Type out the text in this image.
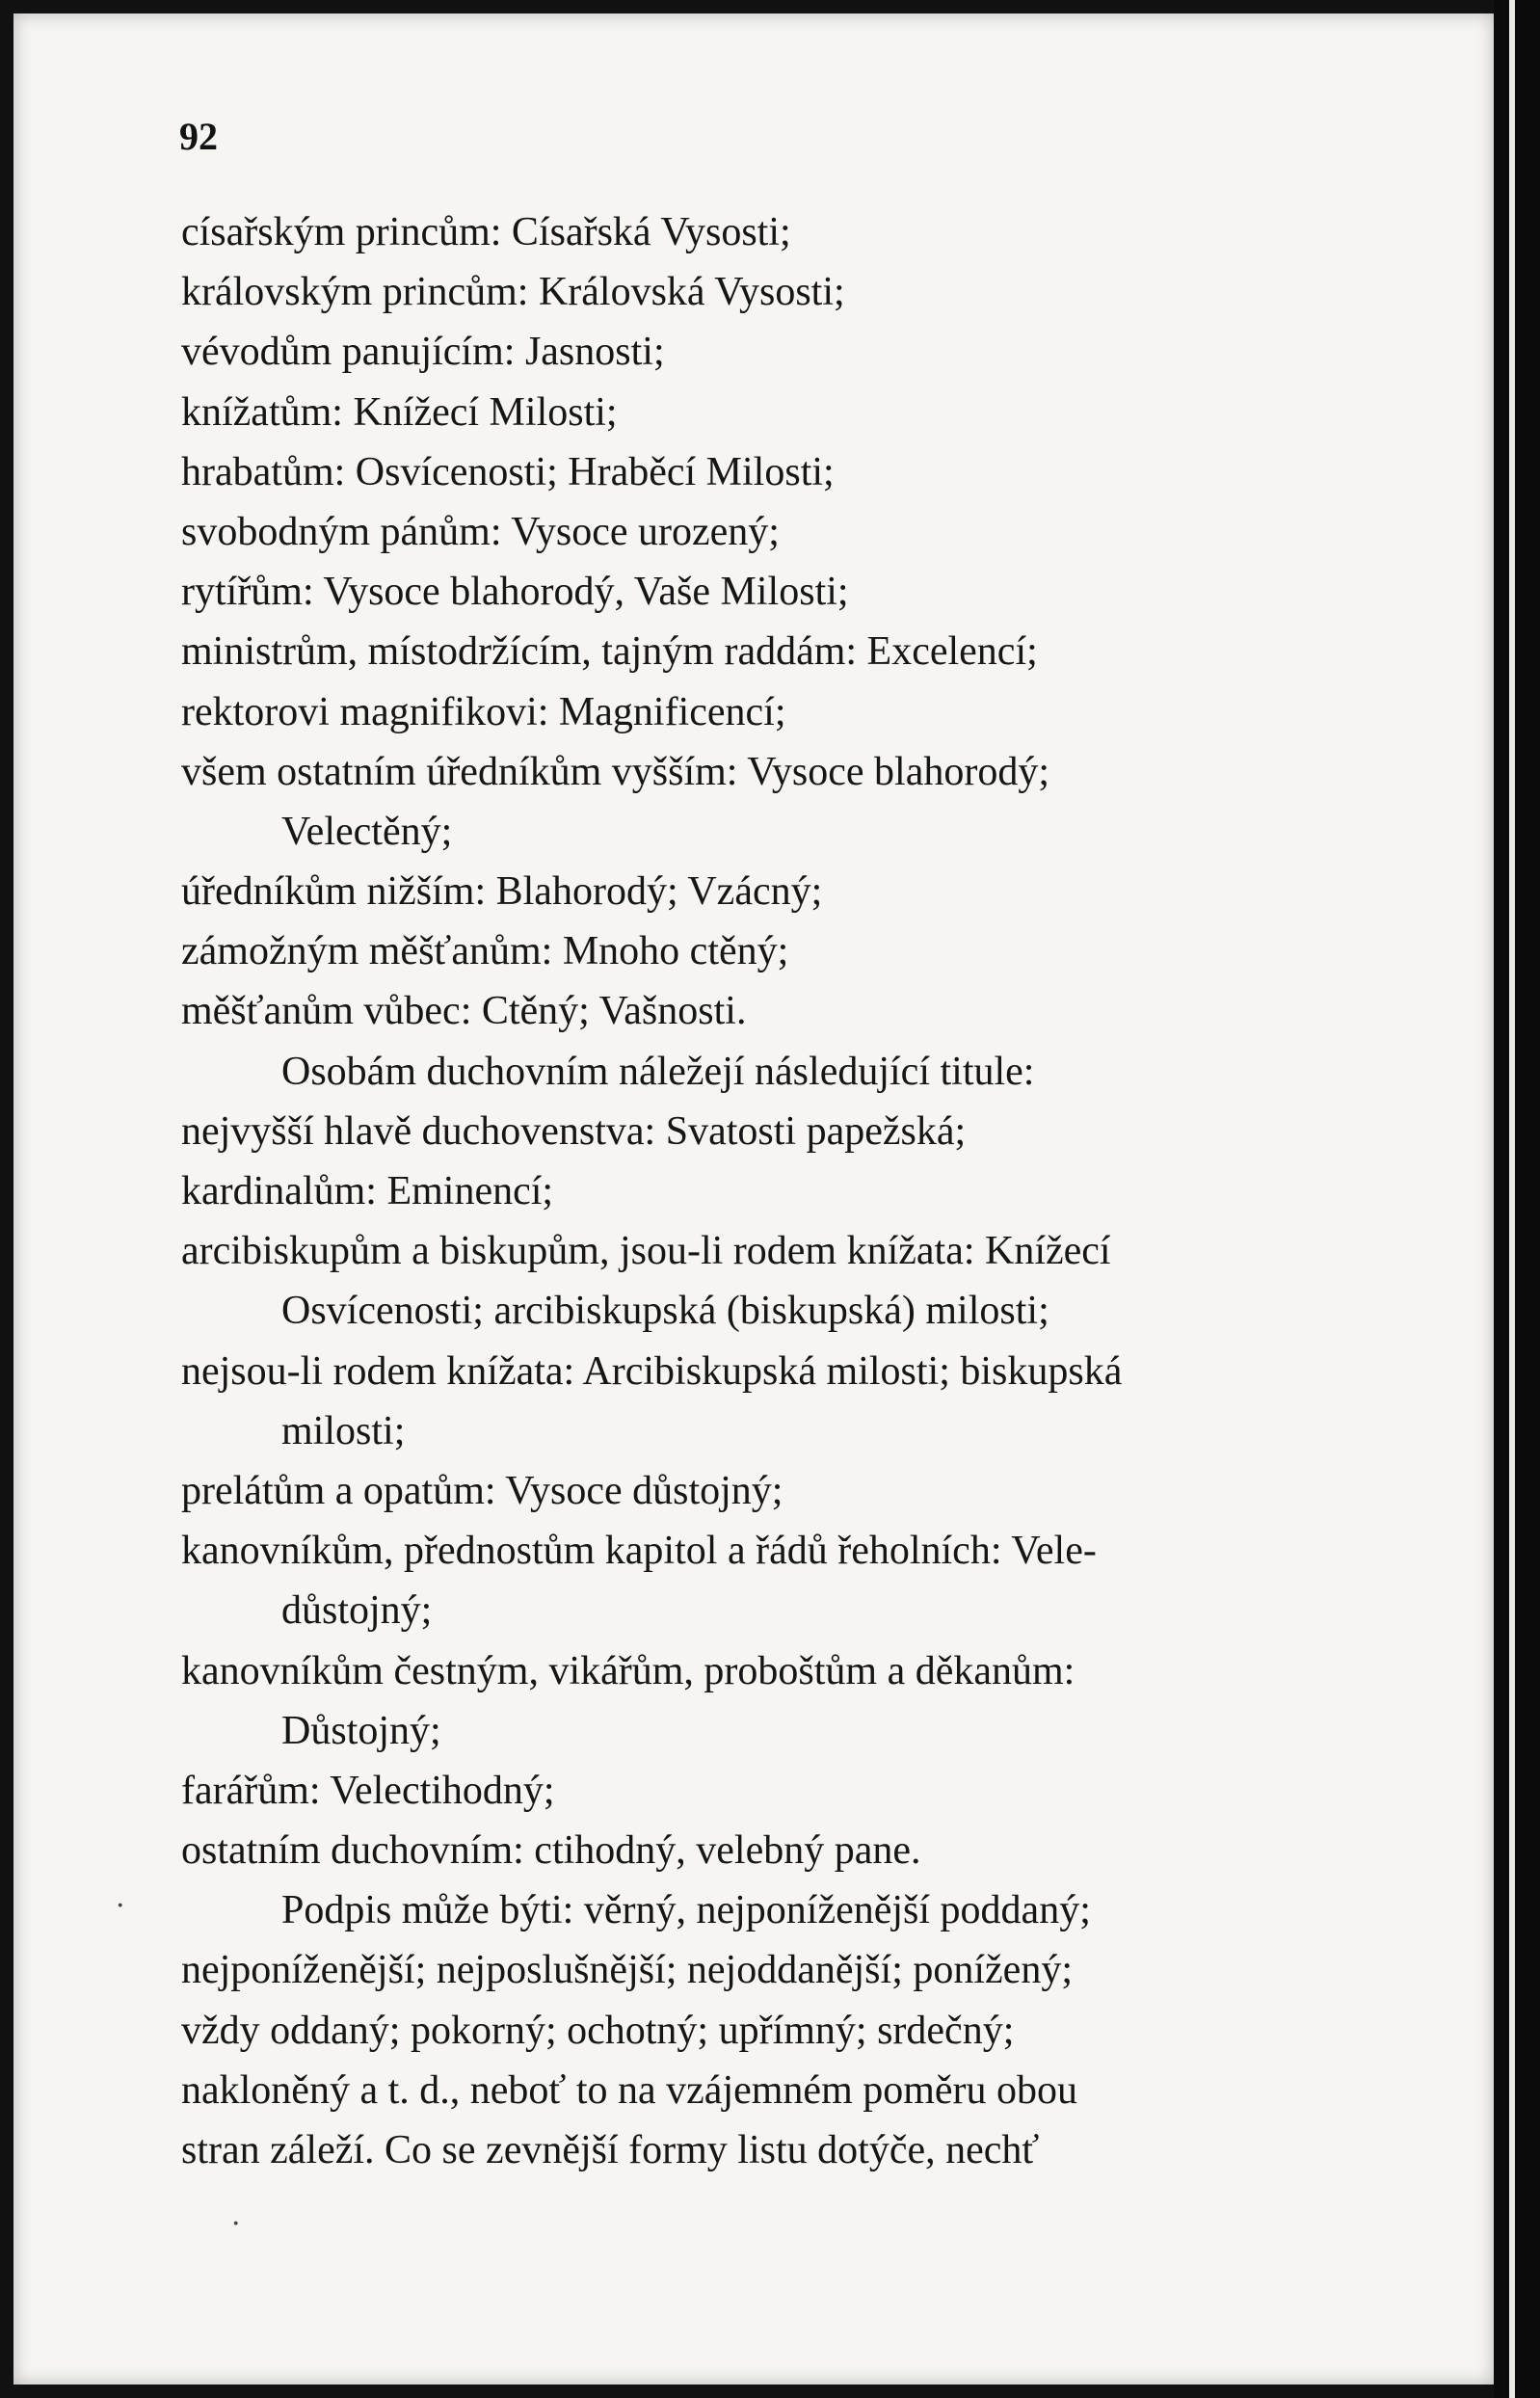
92
císařským princům: Císařská Vysosti;
královským princům: Královská Vysosti;
vévodům panujícím: Jasnosti;
knížatům: Knížecí Milosti;
hrabatům: Osvícenosti; Hraběcí Milosti;
svobodným pánům: Vysoce urozený;
rytířům: Vysoce blahorodý, Vaše Milosti;
ministrům, místodržícím, tajným raddám: Excelencí;
rektorovi magnifikovi: Magnificencí;
všem ostatním úředníkům vyšším: Vysoce blahorodý;
Velectěný;
úředníkům nižším: Blahorodý; Vzácný;
zámožným měšťanům: Mnoho ctěný;
měšťanům vůbec: Ctěný; Vašnosti.
Osobám duchovním náležejí následující titule:
nejvyšší hlavě duchovenstva: Svatosti papežská;
kardinalům: Eminencí;
arcibiskupům a biskupům, jsou-li rodem knížata: Knížecí
Osvícenosti; arcibiskupská (biskupská) milosti;
nejsou-li rodem knížata: Arcibiskupská milosti; biskupská
milosti;
prelátům a opatům: Vysoce důstojný;
kanovníkům, přednostům kapitol a řádů řeholních: Vele-
důstojný;
kanovníkům čestným, vikářům, proboštům a děkanům:
Důstojný;
farářům: Velectihodný;
ostatním duchovním: ctihodný, velebný pane.
Podpis může býti: věrný, nejponíženější poddaný;
nejponíženější; nejposlušnější; nejoddanější; ponížený;
vždy oddaný; pokorný; ochotný; upřímný; srdečný;
nakloněný a t. d., neboť to na vzájemném poměru obou
stran záleží. Co se zevnější formy listu dotýče, nechť
·
·
